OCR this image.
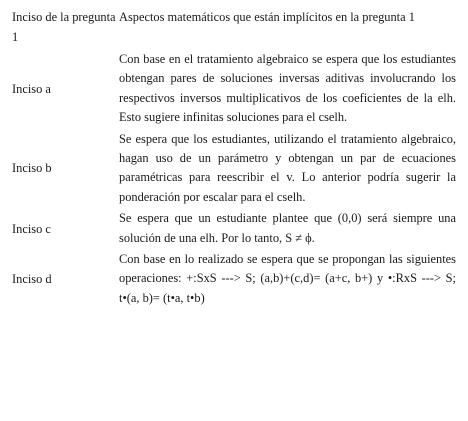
Inciso de la pregunta 1
Aspectos matemáticos que están implícitos en la pregunta 1
Inciso a
Con base en el tratamiento algebraico se espera que los estudiantes obtengan pares de soluciones inversas aditivas involucrando los respectivos inversos multiplicativos de los coeficientes de la elh. Esto sugiere infinitas soluciones para el cselh.
Inciso b
Se espera que los estudiantes, utilizando el tratamiento algebraico, hagan uso de un parámetro y obtengan un par de ecuaciones paramétricas para reescribir el v. Lo anterior podría sugerir la ponderación por escalar para el cselh.
Inciso c
Se espera que un estudiante plantee que (0,0) será siempre una solución de una elh. Por lo tanto, S ≠ ϕ.
Inciso d
Con base en lo realizado se espera que se propongan las siguientes operaciones: +:SxS ---> S; (a,b)+(c,d)= (a+c, b+) y •:RxS ---> S; t•(a, b)= (t•a, t•b)
